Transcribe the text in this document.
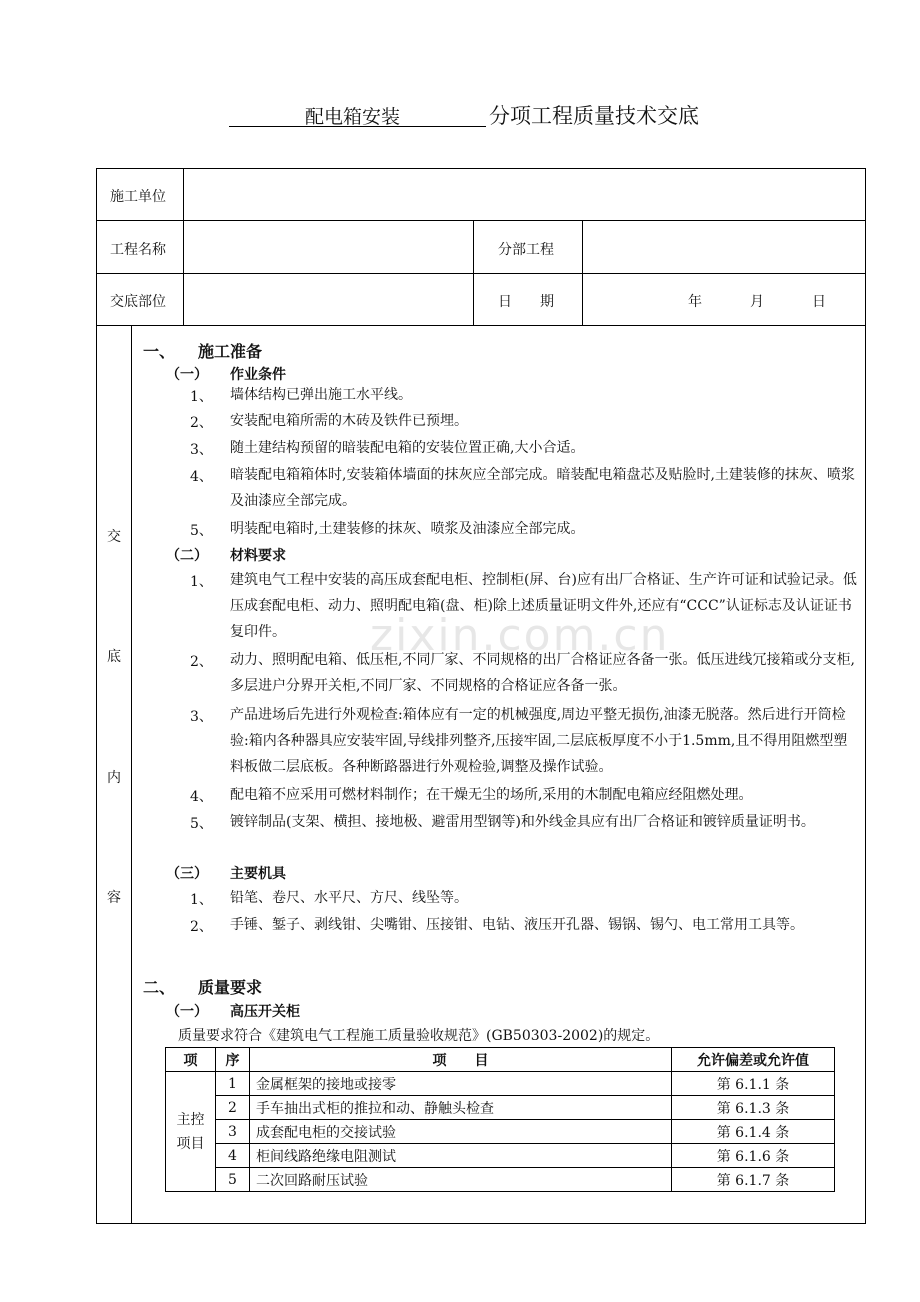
配电箱安装	分项工程质量技术交底
施工单位
工程名称	分部工程
交底部位	日　　期	年	月	日
交
底
内
容
zixin.com.cn
一、 施工准备
（一） 作业条件
1、 墙体结构已弹出施工水平线。
2、 安装配电箱所需的木砖及铁件已预埋。
3、 随土建结构预留的暗装配电箱的安装位置正确,大小合适。
4、 暗装配电箱箱体时,安装箱体墙面的抹灰应全部完成。暗装配电箱盘芯及贴脸时,土建装修的抹灰、喷浆及油漆应全部完成。
5、 明装配电箱时,土建装修的抹灰、喷浆及油漆应全部完成。
（二） 材料要求
1、 建筑电气工程中安装的高压成套配电柜、控制柜(屏、台)应有出厂合格证、生产许可证和试验记录。低压成套配电柜、动力、照明配电箱(盘、柜)除上述质量证明文件外,还应有“CCC”认证标志及认证证书复印件。
2、 动力、照明配电箱、低压柜,不同厂家、不同规格的出厂合格证应各备一张。低压进线冗接箱或分支柜,多层进户分界开关柜,不同厂家、不同规格的合格证应各备一张。
3、 产品进场后先进行外观检查:箱体应有一定的机械强度,周边平整无损伤,油漆无脱落。然后进行开筒检验:箱内各种器具应安装牢固,导线排列整齐,压接牢固,二层底板厚度不小于1.5mm,且不得用阻燃型塑料板做二层底板。各种断路器进行外观检验,调整及操作试验。
4、 配电箱不应采用可燃材料制作；在干燥无尘的场所,采用的木制配电箱应经阻燃处理。
5、 镀锌制品(支架、横担、接地极、避雷用型钢等)和外线金具应有出厂合格证和镀锌质量证明书。
（三） 主要机具
1、 铅笔、卷尺、水平尺、方尺、线坠等。
2、 手锤、錾子、剥线钳、尖嘴钳、压接钳、电钻、液压开孔器、锡锅、锡勺、电工常用工具等。
二、 质量要求
（一） 高压开关柜
质量要求符合《建筑电气工程施工质量验收规范》(GB50303-2002)的规定。
项	序	项　　目	允许偏差或允许值
主控项目	1	金属框架的接地或接零	第 6.1.1 条
	2	手车抽出式柜的推拉和动、静触头检查	第 6.1.3 条
	3	成套配电柜的交接试验	第 6.1.4 条
	4	柜间线路绝缘电阻测试	第 6.1.6 条
	5	二次回路耐压试验	第 6.1.7 条
